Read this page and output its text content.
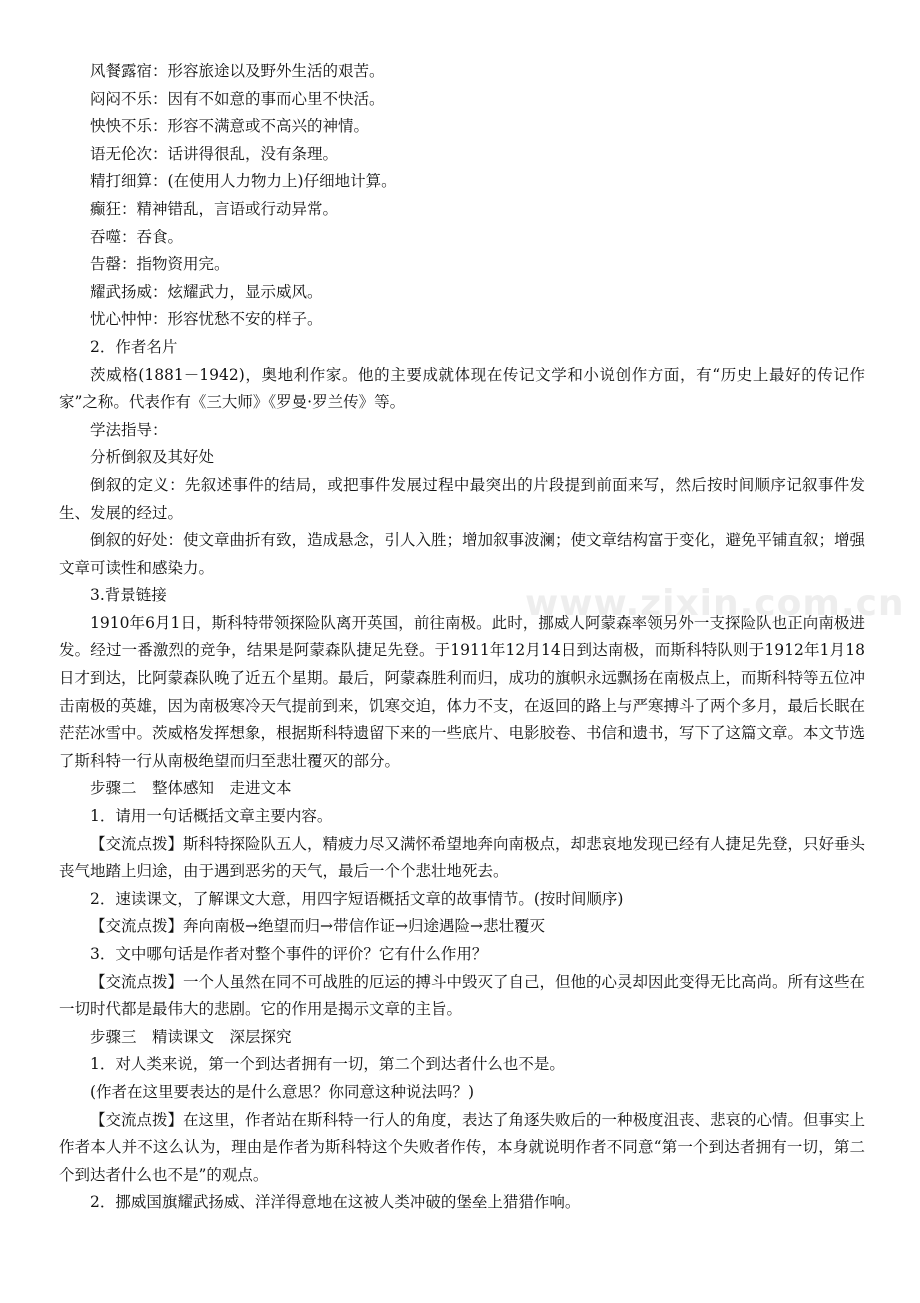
www.zixin.com.cn

风餐露宿：形容旅途以及野外生活的艰苦。

闷闷不乐：因有不如意的事而心里不快活。

怏怏不乐：形容不满意或不高兴的神情。

语无伦次：话讲得很乱，没有条理。

精打细算：(在使用人力物力上)仔细地计算。

癫狂：精神错乱，言语或行动异常。

吞噬：吞食。

告罄：指物资用完。

耀武扬威：炫耀武力，显示威风。

忧心忡忡：形容忧愁不安的样子。

2．作者名片

茨威格(1881－1942)，奥地利作家。他的主要成就体现在传记文学和小说创作方面，有“历史上最好的传记作家”之称。代表作有《三大师》《罗曼·罗兰传》等。

学法指导：

分析倒叙及其好处

倒叙的定义：先叙述事件的结局，或把事件发展过程中最突出的片段提到前面来写，然后按时间顺序记叙事件发生、发展的经过。

倒叙的好处：使文章曲折有致，造成悬念，引人入胜；增加叙事波澜；使文章结构富于变化，避免平铺直叙；增强文章可读性和感染力。

3.背景链接

1910年6月1日，斯科特带领探险队离开英国，前往南极。此时，挪威人阿蒙森率领另外一支探险队也正向南极进发。经过一番激烈的竞争，结果是阿蒙森队捷足先登。于1911年12月14日到达南极，而斯科特队则于1912年1月18日才到达，比阿蒙森队晚了近五个星期。最后，阿蒙森胜利而归，成功的旗帜永远飘扬在南极点上，而斯科特等五位冲击南极的英雄，因为南极寒冷天气提前到来，饥寒交迫，体力不支，在返回的路上与严寒搏斗了两个多月，最后长眠在茫茫冰雪中。茨威格发挥想象，根据斯科特遗留下来的一些底片、电影胶卷、书信和遗书，写下了这篇文章。本文节选了斯科特一行从南极绝望而归至悲壮覆灭的部分。

步骤二　整体感知　走进文本

1．请用一句话概括文章主要内容。

【交流点拨】斯科特探险队五人，精疲力尽又满怀希望地奔向南极点，却悲哀地发现已经有人捷足先登，只好垂头丧气地踏上归途，由于遇到恶劣的天气，最后一个个悲壮地死去。

2．速读课文，了解课文大意，用四字短语概括文章的故事情节。(按时间顺序)

【交流点拨】奔向南极→绝望而归→带信作证→归途遇险→悲壮覆灭

3．文中哪句话是作者对整个事件的评价？它有什么作用？

【交流点拨】一个人虽然在同不可战胜的厄运的搏斗中毁灭了自己，但他的心灵却因此变得无比高尚。所有这些在一切时代都是最伟大的悲剧。它的作用是揭示文章的主旨。

步骤三　精读课文　深层探究

1．对人类来说，第一个到达者拥有一切，第二个到达者什么也不是。

(作者在这里要表达的是什么意思？你同意这种说法吗？)

【交流点拨】在这里，作者站在斯科特一行人的角度，表达了角逐失败后的一种极度沮丧、悲哀的心情。但事实上作者本人并不这么认为，理由是作者为斯科特这个失败者作传，本身就说明作者不同意“第一个到达者拥有一切，第二个到达者什么也不是”的观点。

2．挪威国旗耀武扬威、洋洋得意地在这被人类冲破的堡垒上猎猎作响。
